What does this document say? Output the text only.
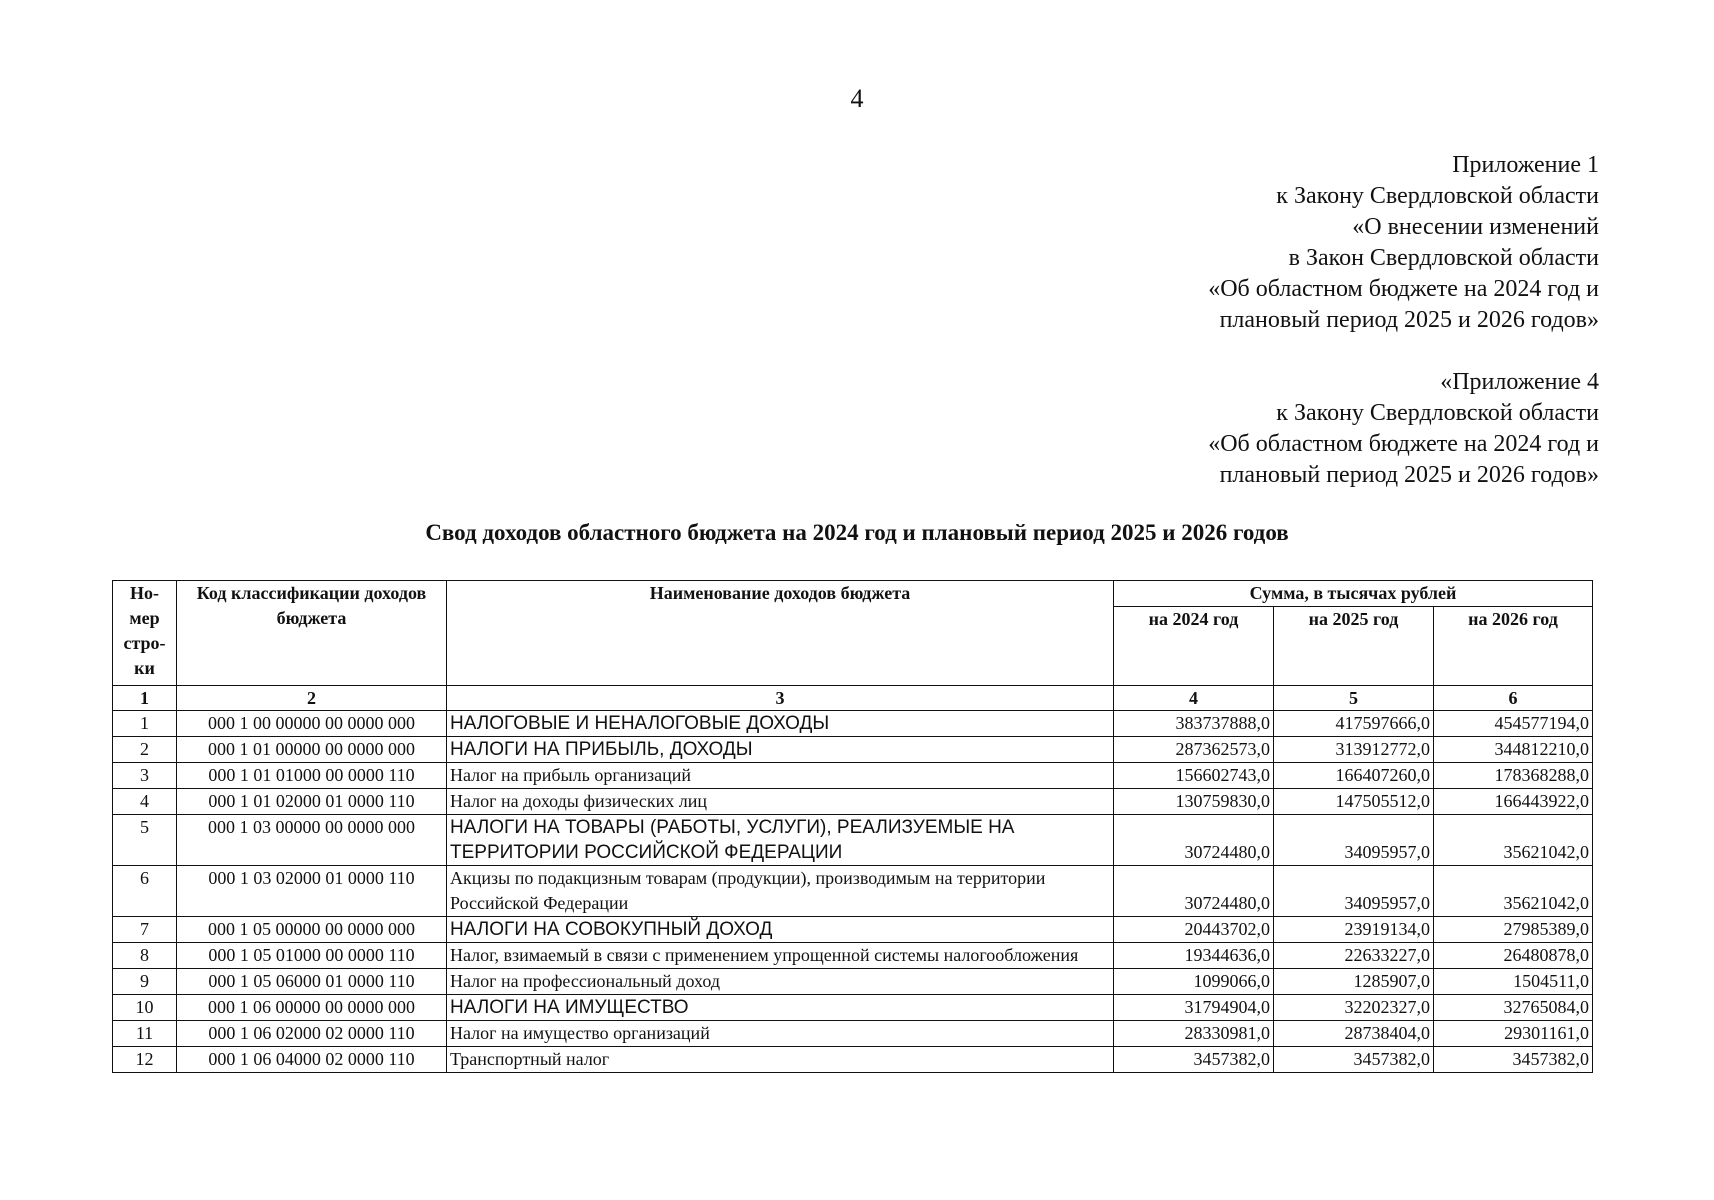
4
Приложение 1
к Закону Свердловской области
«О внесении изменений
в Закон Свердловской области
«Об областном бюджете на 2024 год и
плановый период 2025 и 2026 годов»
«Приложение 4
к Закону Свердловской области
«Об областном бюджете на 2024 год и
плановый период 2025 и 2026 годов»
Свод доходов областного бюджета на 2024 год и плановый период 2025 и 2026 годов
Но-мер стро-ки	Код классификации доходов бюджета	Наименование доходов бюджета	Сумма, в тысячах рублей		
			на 2024 год	на 2025 год	на 2026 год
1	2	3	4	5	6
1	000 1 00 00000 00 0000 000	НАЛОГОВЫЕ И НЕНАЛОГОВЫЕ ДОХОДЫ	383737888,0	417597666,0	454577194,0
2	000 1 01 00000 00 0000 000	НАЛОГИ НА ПРИБЫЛЬ, ДОХОДЫ	287362573,0	313912772,0	344812210,0
3	000 1 01 01000 00 0000 110	Налог на прибыль организаций	156602743,0	166407260,0	178368288,0
4	000 1 01 02000 01 0000 110	Налог на доходы физических лиц	130759830,0	147505512,0	166443922,0
5	000 1 03 00000 00 0000 000	НАЛОГИ НА ТОВАРЫ (РАБОТЫ, УСЛУГИ), РЕАЛИЗУЕМЫЕ НА ТЕРРИТОРИИ РОССИЙСКОЙ ФЕДЕРАЦИИ	30724480,0	34095957,0	35621042,0
6	000 1 03 02000 01 0000 110	Акцизы по подакцизным товарам (продукции), производимым на территории Российской Федерации	30724480,0	34095957,0	35621042,0
7	000 1 05 00000 00 0000 000	НАЛОГИ НА СОВОКУПНЫЙ ДОХОД	20443702,0	23919134,0	27985389,0
8	000 1 05 01000 00 0000 110	Налог, взимаемый в связи с применением упрощенной системы налогообложения	19344636,0	22633227,0	26480878,0
9	000 1 05 06000 01 0000 110	Налог на профессиональный доход	1099066,0	1285907,0	1504511,0
10	000 1 06 00000 00 0000 000	НАЛОГИ НА ИМУЩЕСТВО	31794904,0	32202327,0	32765084,0
11	000 1 06 02000 02 0000 110	Налог на имущество организаций	28330981,0	28738404,0	29301161,0
12	000 1 06 04000 02 0000 110	Транспортный налог	3457382,0	3457382,0	3457382,0
